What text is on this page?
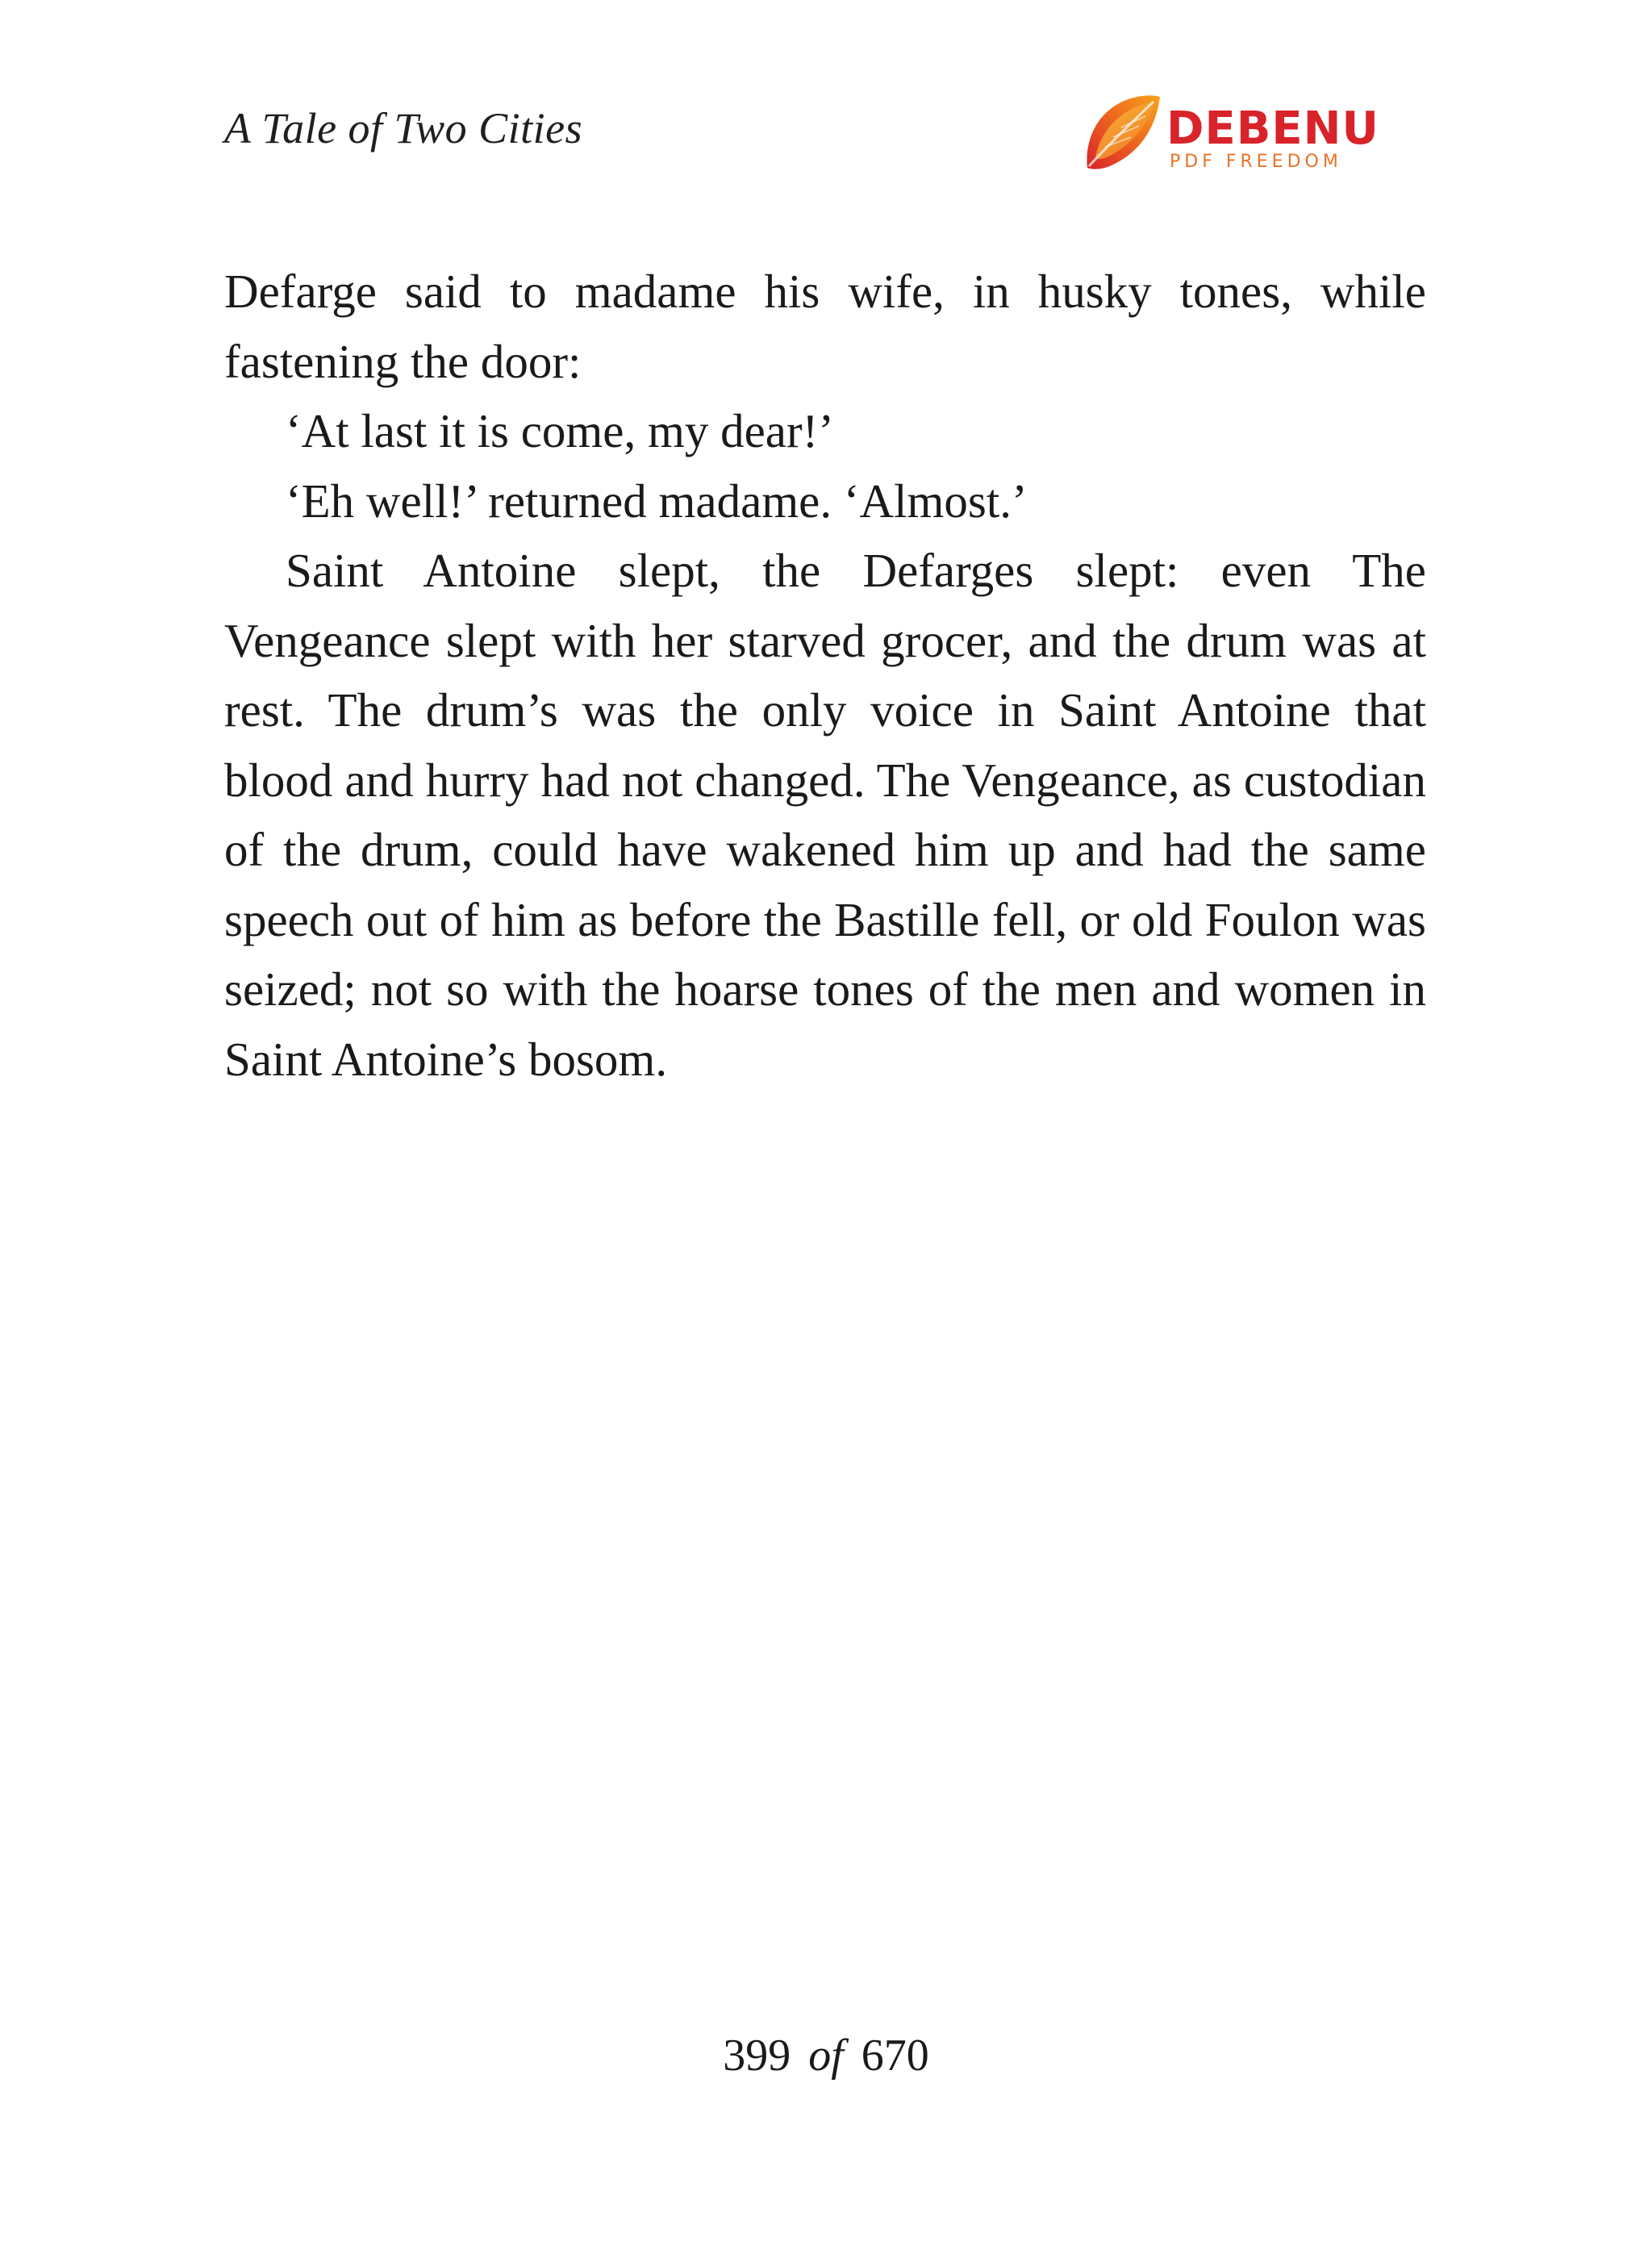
A Tale of Two Cities	DEBENU
PDF FREEDOM

Defarge said to madame his wife, in husky tones, while fastening the door:

‘At last it is come, my dear!’

‘Eh well!’ returned madame. ‘Almost.’

Saint Antoine slept, the Defarges slept: even The Vengeance slept with her starved grocer, and the drum was at rest. The drum’s was the only voice in Saint Antoine that blood and hurry had not changed. The Vengeance, as custodian of the drum, could have wakened him up and had the same speech out of him as before the Bastille fell, or old Foulon was seized; not so with the hoarse tones of the men and women in Saint Antoine’s bosom.

399 of 670
